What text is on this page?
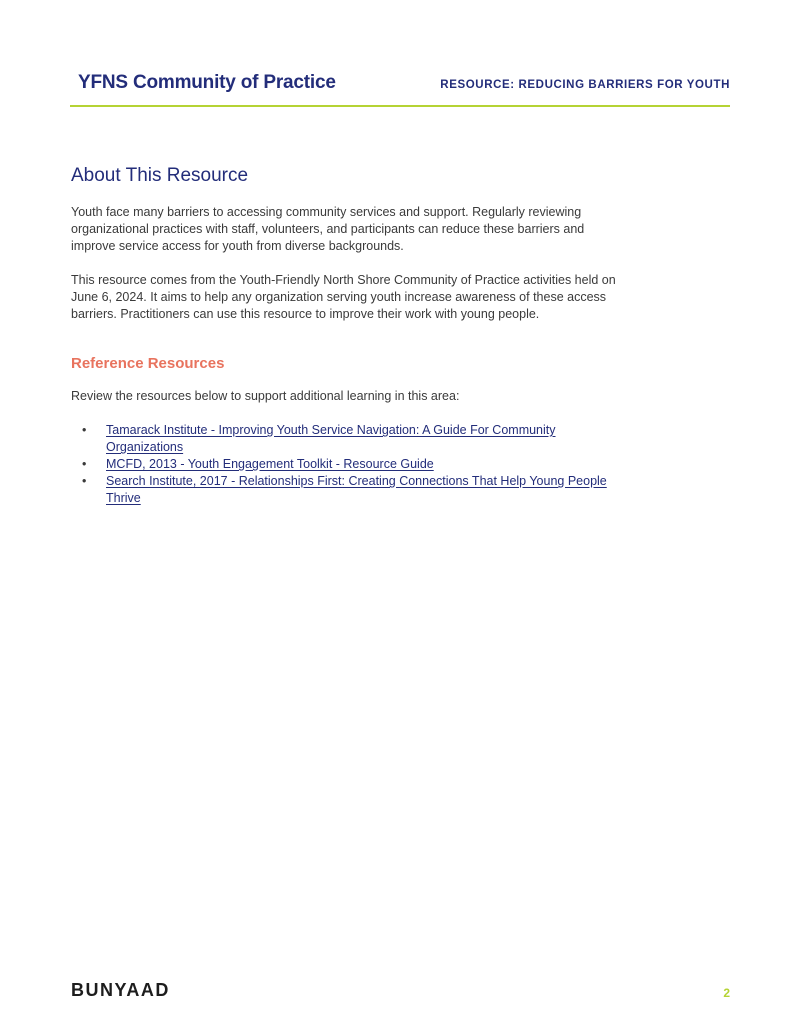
YFNS Community of Practice	RESOURCE: REDUCING BARRIERS FOR YOUTH
About This Resource

Youth face many barriers to accessing community services and support. Regularly reviewing organizational practices with staff, volunteers, and participants can reduce these barriers and improve service access for youth from diverse backgrounds.

This resource comes from the Youth-Friendly North Shore Community of Practice activities held on June 6, 2024. It aims to help any organization serving youth increase awareness of these access barriers. Practitioners can use this resource to improve their work with young people.

Reference Resources

Review the resources below to support additional learning in this area:

• Tamarack Institute - Improving Youth Service Navigation: A Guide For Community Organizations
• MCFD, 2013 - Youth Engagement Toolkit - Resource Guide
• Search Institute, 2017 - Relationships First: Creating Connections That Help Young People Thrive
BUNYAAD	2
